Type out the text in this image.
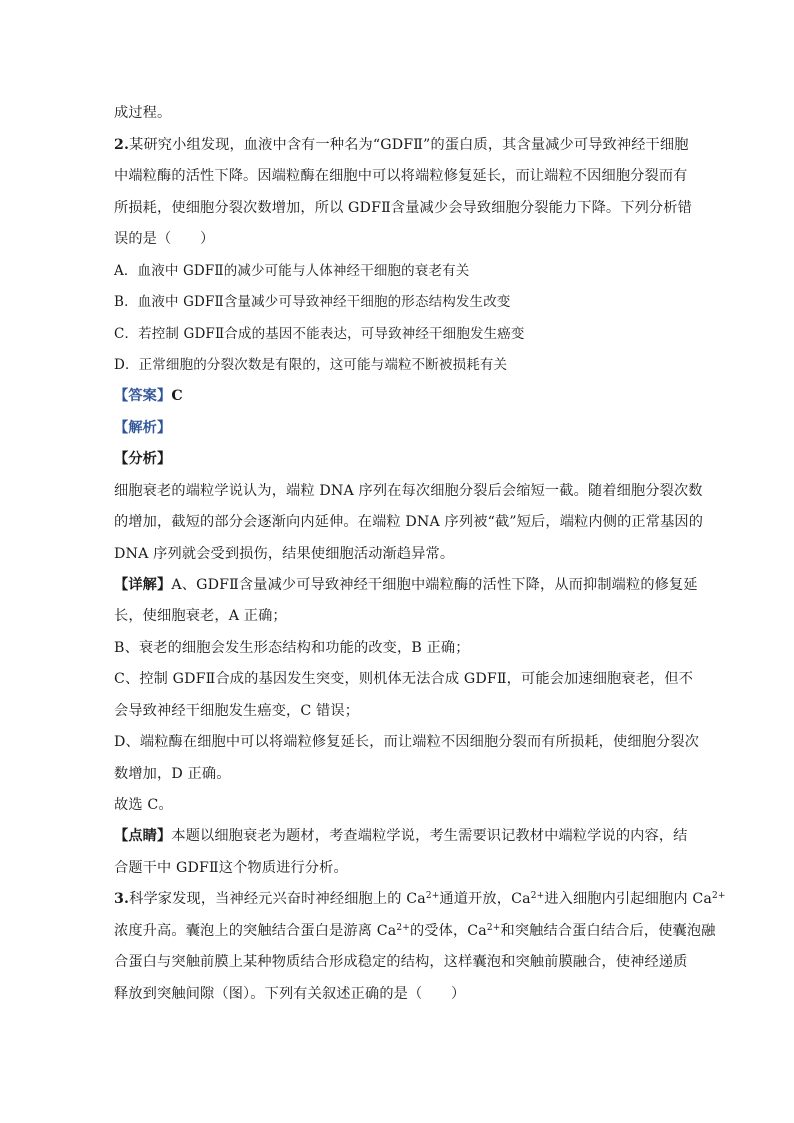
成过程。
2.某研究小组发现，血液中含有一种名为“GDFⅡ”的蛋白质，其含量减少可导致神经干细胞
中端粒酶的活性下降。因端粒酶在细胞中可以将端粒修复延长，而让端粒不因细胞分裂而有
所损耗，使细胞分裂次数增加，所以 GDFⅡ含量减少会导致细胞分裂能力下降。下列分析错
误的是（　　）
A．血液中 GDFⅡ的减少可能与人体神经干细胞的衰老有关
B．血液中 GDFⅡ含量减少可导致神经干细胞的形态结构发生改变
C．若控制 GDFⅡ合成的基因不能表达，可导致神经干细胞发生癌变
D．正常细胞的分裂次数是有限的，这可能与端粒不断被损耗有关
【答案】C
【解析】
【分析】
细胞衰老的端粒学说认为，端粒 DNA 序列在每次细胞分裂后会缩短一截。随着细胞分裂次数
的增加，截短的部分会逐渐向内延伸。在端粒 DNA 序列被“截”短后，端粒内侧的正常基因的
DNA 序列就会受到损伤，结果使细胞活动渐趋异常。
【详解】A、GDFⅡ含量减少可导致神经干细胞中端粒酶的活性下降，从而抑制端粒的修复延
长，使细胞衰老，A 正确；
B、衰老的细胞会发生形态结构和功能的改变，B 正确；
C、控制 GDFⅡ合成的基因发生突变，则机体无法合成 GDFⅡ，可能会加速细胞衰老，但不
会导致神经干细胞发生癌变，C 错误；
D、端粒酶在细胞中可以将端粒修复延长，而让端粒不因细胞分裂而有所损耗，使细胞分裂次
数增加，D 正确。
故选 C。
【点睛】本题以细胞衰老为题材，考查端粒学说，考生需要识记教材中端粒学说的内容，结
合题干中 GDFⅡ这个物质进行分析。
3.科学家发现，当神经元兴奋时神经细胞上的 $Ca^{2+}$通道开放，$Ca^{2+}$进入细胞内引起细胞内 $Ca^{2+}$
浓度升高。囊泡上的突触结合蛋白是游离 $Ca^{2+}$的受体，$Ca^{2+}$和突触结合蛋白结合后，使囊泡融
合蛋白与突触前膜上某种物质结合形成稳定的结构，这样囊泡和突触前膜融合，使神经递质
释放到突触间隙（图）。下列有关叙述正确的是（　　）
